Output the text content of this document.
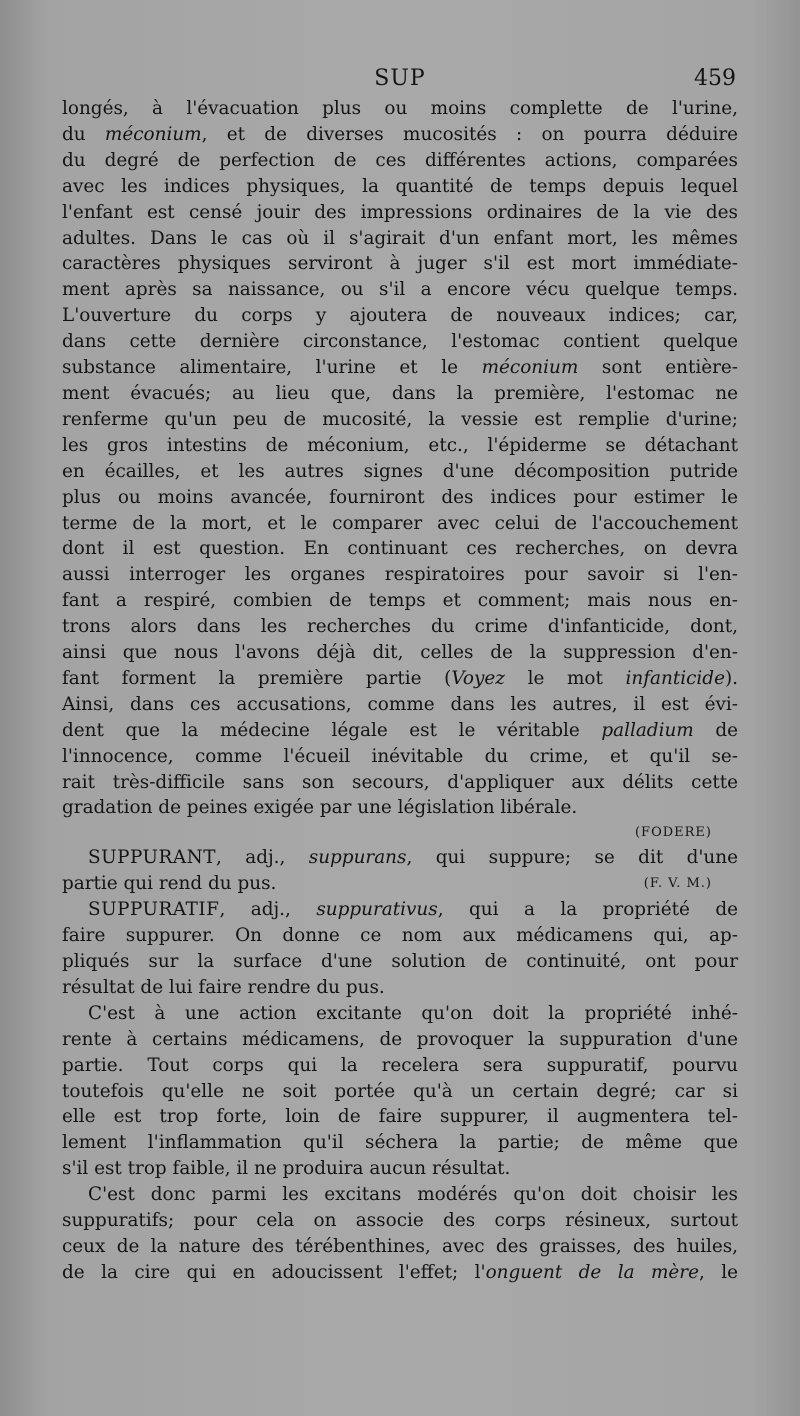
SUP	459
longés, à l'évacuation plus ou moins complette de l'urine,
du méconium, et de diverses mucosités : on pourra déduire
du degré de perfection de ces différentes actions, comparées
avec les indices physiques, la quantité de temps depuis lequel
l'enfant est censé jouir des impressions ordinaires de la vie des
adultes. Dans le cas où il s'agirait d'un enfant mort, les mêmes
caractères physiques serviront à juger s'il est mort immédiate-
ment après sa naissance, ou s'il a encore vécu quelque temps.
L'ouverture du corps y ajoutera de nouveaux indices; car,
dans cette dernière circonstance, l'estomac contient quelque
substance alimentaire, l'urine et le méconium sont entière-
ment évacués; au lieu que, dans la première, l'estomac ne
renferme qu'un peu de mucosité, la vessie est remplie d'urine;
les gros intestins de méconium, etc., l'épiderme se détachant
en écailles, et les autres signes d'une décomposition putride
plus ou moins avancée, fourniront des indices pour estimer le
terme de la mort, et le comparer avec celui de l'accouchement
dont il est question. En continuant ces recherches, on devra
aussi interroger les organes respiratoires pour savoir si l'en-
fant a respiré, combien de temps et comment; mais nous en-
trons alors dans les recherches du crime d'infanticide, dont,
ainsi que nous l'avons déjà dit, celles de la suppression d'en-
fant forment la première partie (Voyez le mot infanticide).
Ainsi, dans ces accusations, comme dans les autres, il est évi-
dent que la médecine légale est le véritable palladium de
l'innocence, comme l'écueil inévitable du crime, et qu'il se-
rait très-difficile sans son secours, d'appliquer aux délits cette
gradation de peines exigée par une législation libérale.
(FODERE)
SUPPURANT, adj., suppurans, qui suppure; se dit d'une
partie qui rend du pus.	(F. V. M.)
SUPPURATIF, adj., suppurativus, qui a la propriété de
faire suppurer. On donne ce nom aux médicamens qui, ap-
pliqués sur la surface d'une solution de continuité, ont pour
résultat de lui faire rendre du pus.
C'est à une action excitante qu'on doit la propriété inhé-
rente à certains médicamens, de provoquer la suppuration d'une
partie. Tout corps qui la recelera sera suppuratif, pourvu
toutefois qu'elle ne soit portée qu'à un certain degré; car si
elle est trop forte, loin de faire suppurer, il augmentera tel-
lement l'inflammation qu'il séchera la partie; de même que
s'il est trop faible, il ne produira aucun résultat.
C'est donc parmi les excitans modérés qu'on doit choisir les
suppuratifs; pour cela on associe des corps résineux, surtout
ceux de la nature des térébenthines, avec des graisses, des huiles,
de la cire qui en adoucissent l'effet; l'onguent de la mère, le
